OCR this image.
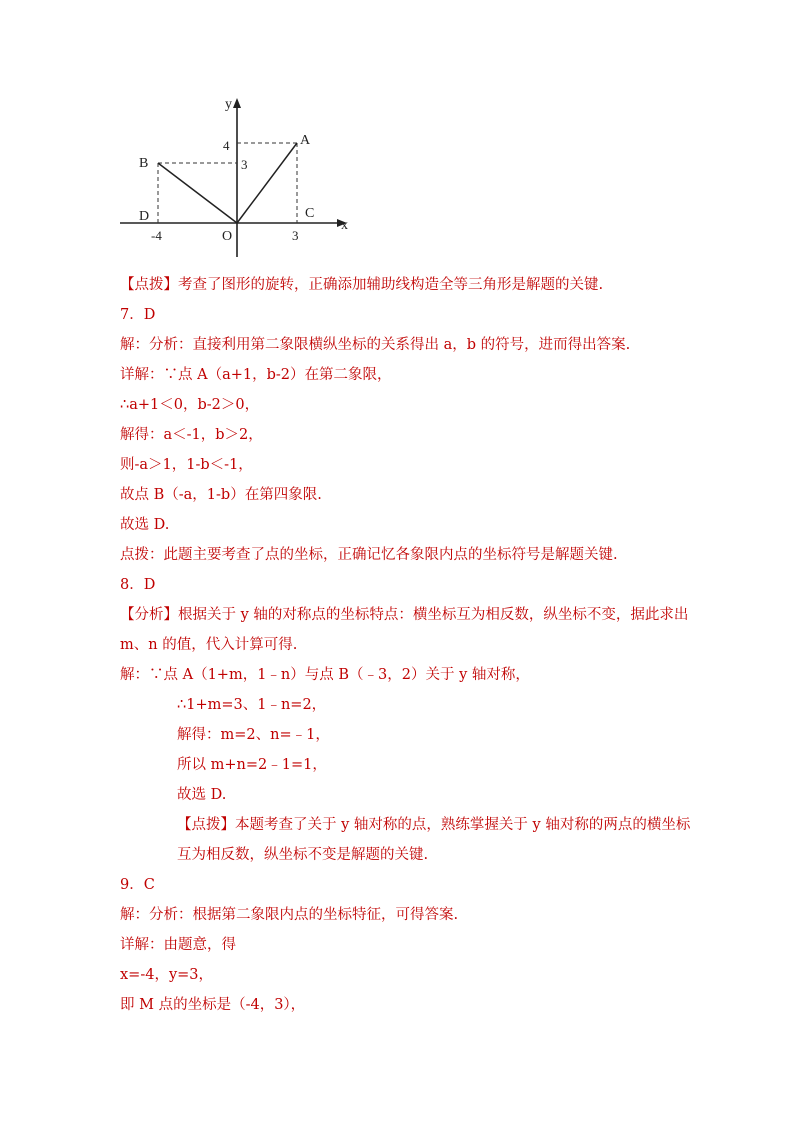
y
x
4
3
-4	3
A
B
C
D
O
【点拨】考查了图形的旋转，正确添加辅助线构造全等三角形是解题的关键.
7．D
解：分析：直接利用第二象限横纵坐标的关系得出 a，b 的符号，进而得出答案.
详解：∵点 A（a+1，b-2）在第二象限，
∴a+1＜0，b-2＞0，
解得：a＜-1，b＞2，
则-a＞1，1-b＜-1，
故点 B（-a，1-b）在第四象限.
故选 D.
点拨：此题主要考查了点的坐标，正确记忆各象限内点的坐标符号是解题关键.
8．D
【分析】根据关于 y 轴的对称点的坐标特点：横坐标互为相反数，纵坐标不变，据此求出
m、n 的值，代入计算可得.
解：∵点 A（1+m，1﹣n）与点 B（﹣3，2）关于 y 轴对称，
∴1+m=3、1﹣n=2，
解得：m=2、n=﹣1，
所以 m+n=2﹣1=1，
故选 D.
【点拨】本题考查了关于 y 轴对称的点，熟练掌握关于 y 轴对称的两点的横坐标
互为相反数，纵坐标不变是解题的关键.
9．C
解：分析：根据第二象限内点的坐标特征，可得答案.
详解：由题意，得
x=-4，y=3，
即 M 点的坐标是（-4，3），
